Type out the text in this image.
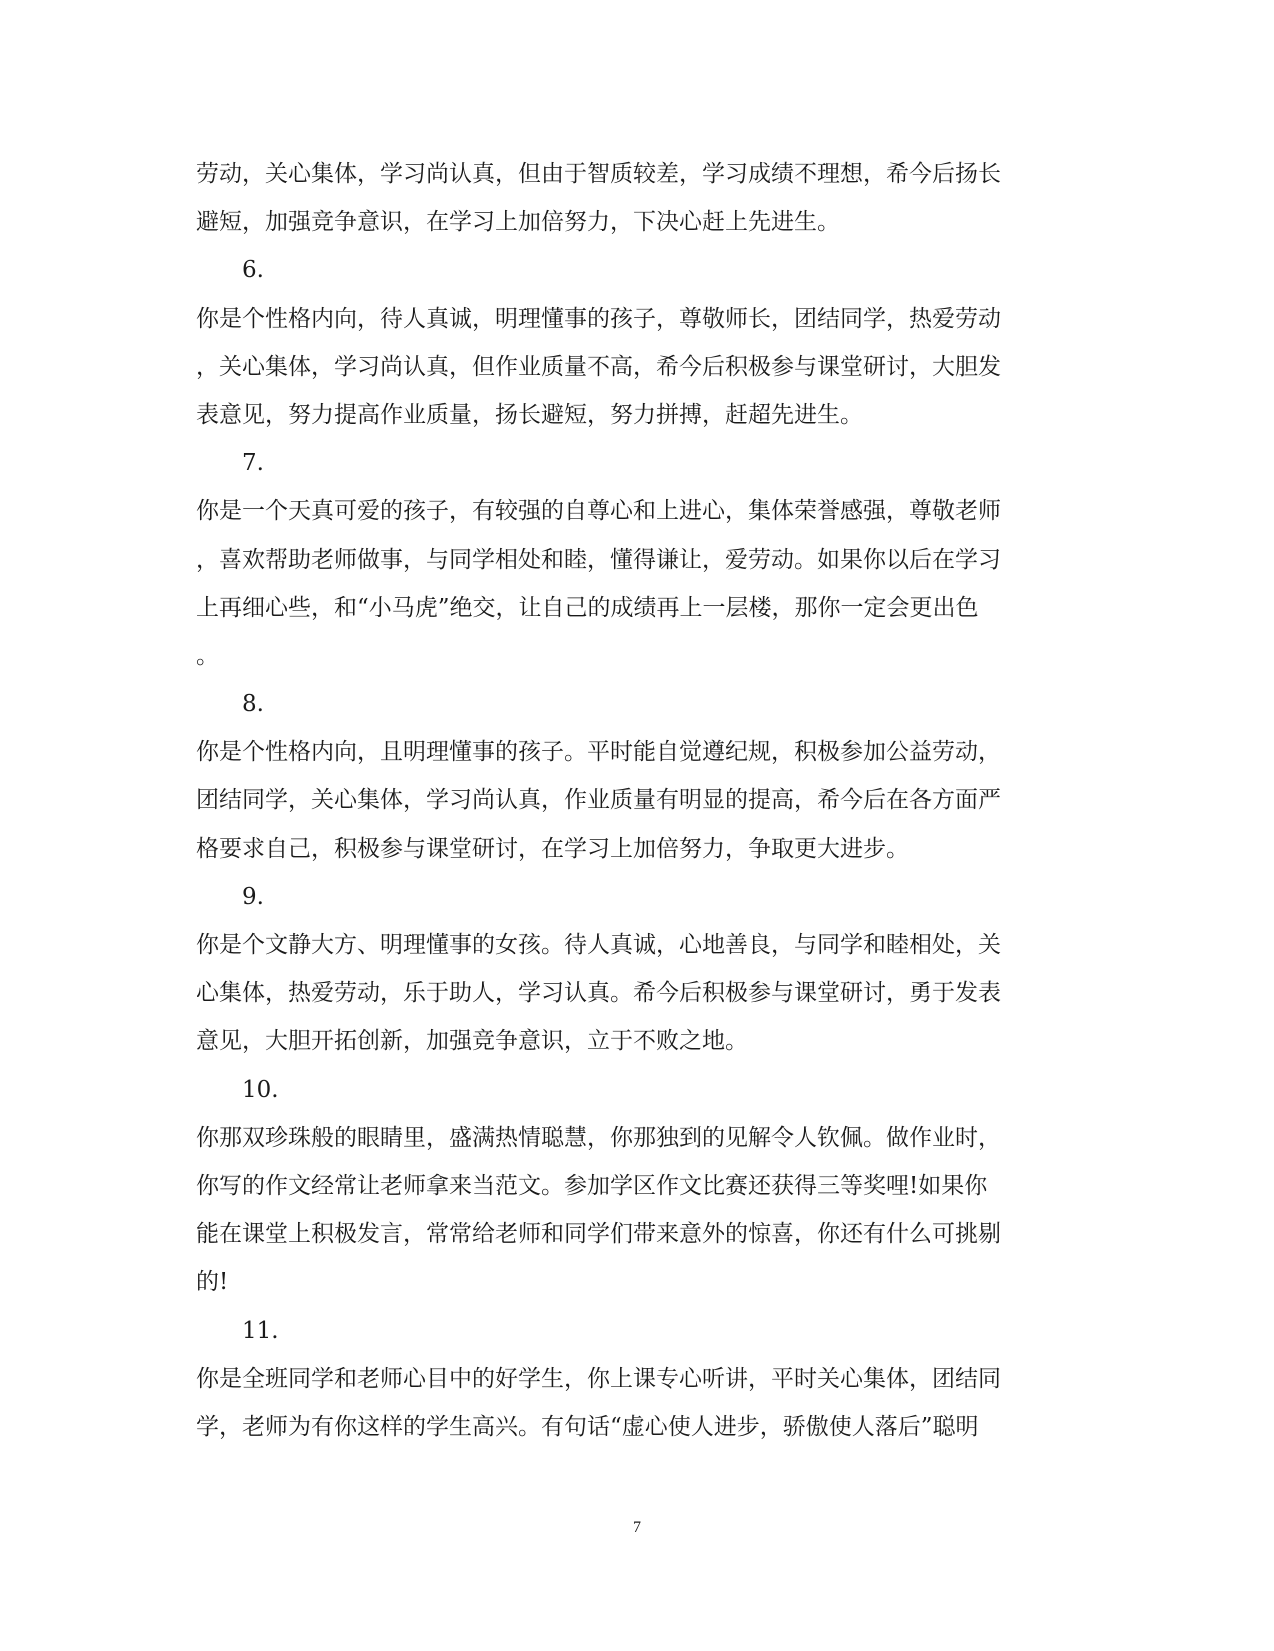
劳动，关心集体，学习尚认真，但由于智质较差，学习成绩不理想，希今后扬长
避短，加强竞争意识，在学习上加倍努力，下决心赶上先进生。
6.
你是个性格内向，待人真诚，明理懂事的孩子，尊敬师长，团结同学，热爱劳动
，关心集体，学习尚认真，但作业质量不高，希今后积极参与课堂研讨，大胆发
表意见，努力提高作业质量，扬长避短，努力拼搏，赶超先进生。
7.
你是一个天真可爱的孩子，有较强的自尊心和上进心，集体荣誉感强，尊敬老师
，喜欢帮助老师做事，与同学相处和睦，懂得谦让，爱劳动。如果你以后在学习
上再细心些，和“小马虎”绝交，让自己的成绩再上一层楼，那你一定会更出色
。
8.
你是个性格内向，且明理懂事的孩子。平时能自觉遵纪规，积极参加公益劳动，
团结同学，关心集体，学习尚认真，作业质量有明显的提高，希今后在各方面严
格要求自己，积极参与课堂研讨，在学习上加倍努力，争取更大进步。
9.
你是个文静大方、明理懂事的女孩。待人真诚，心地善良，与同学和睦相处，关
心集体，热爱劳动，乐于助人，学习认真。希今后积极参与课堂研讨，勇于发表
意见，大胆开拓创新，加强竞争意识，立于不败之地。
10.
你那双珍珠般的眼睛里，盛满热情聪慧，你那独到的见解令人钦佩。做作业时，
你写的作文经常让老师拿来当范文。参加学区作文比赛还获得三等奖哩!如果你
能在课堂上积极发言，常常给老师和同学们带来意外的惊喜，你还有什么可挑剔
的!
11.
你是全班同学和老师心目中的好学生，你上课专心听讲，平时关心集体，团结同
学，老师为有你这样的学生高兴。有句话“虚心使人进步，骄傲使人落后”聪明
7
